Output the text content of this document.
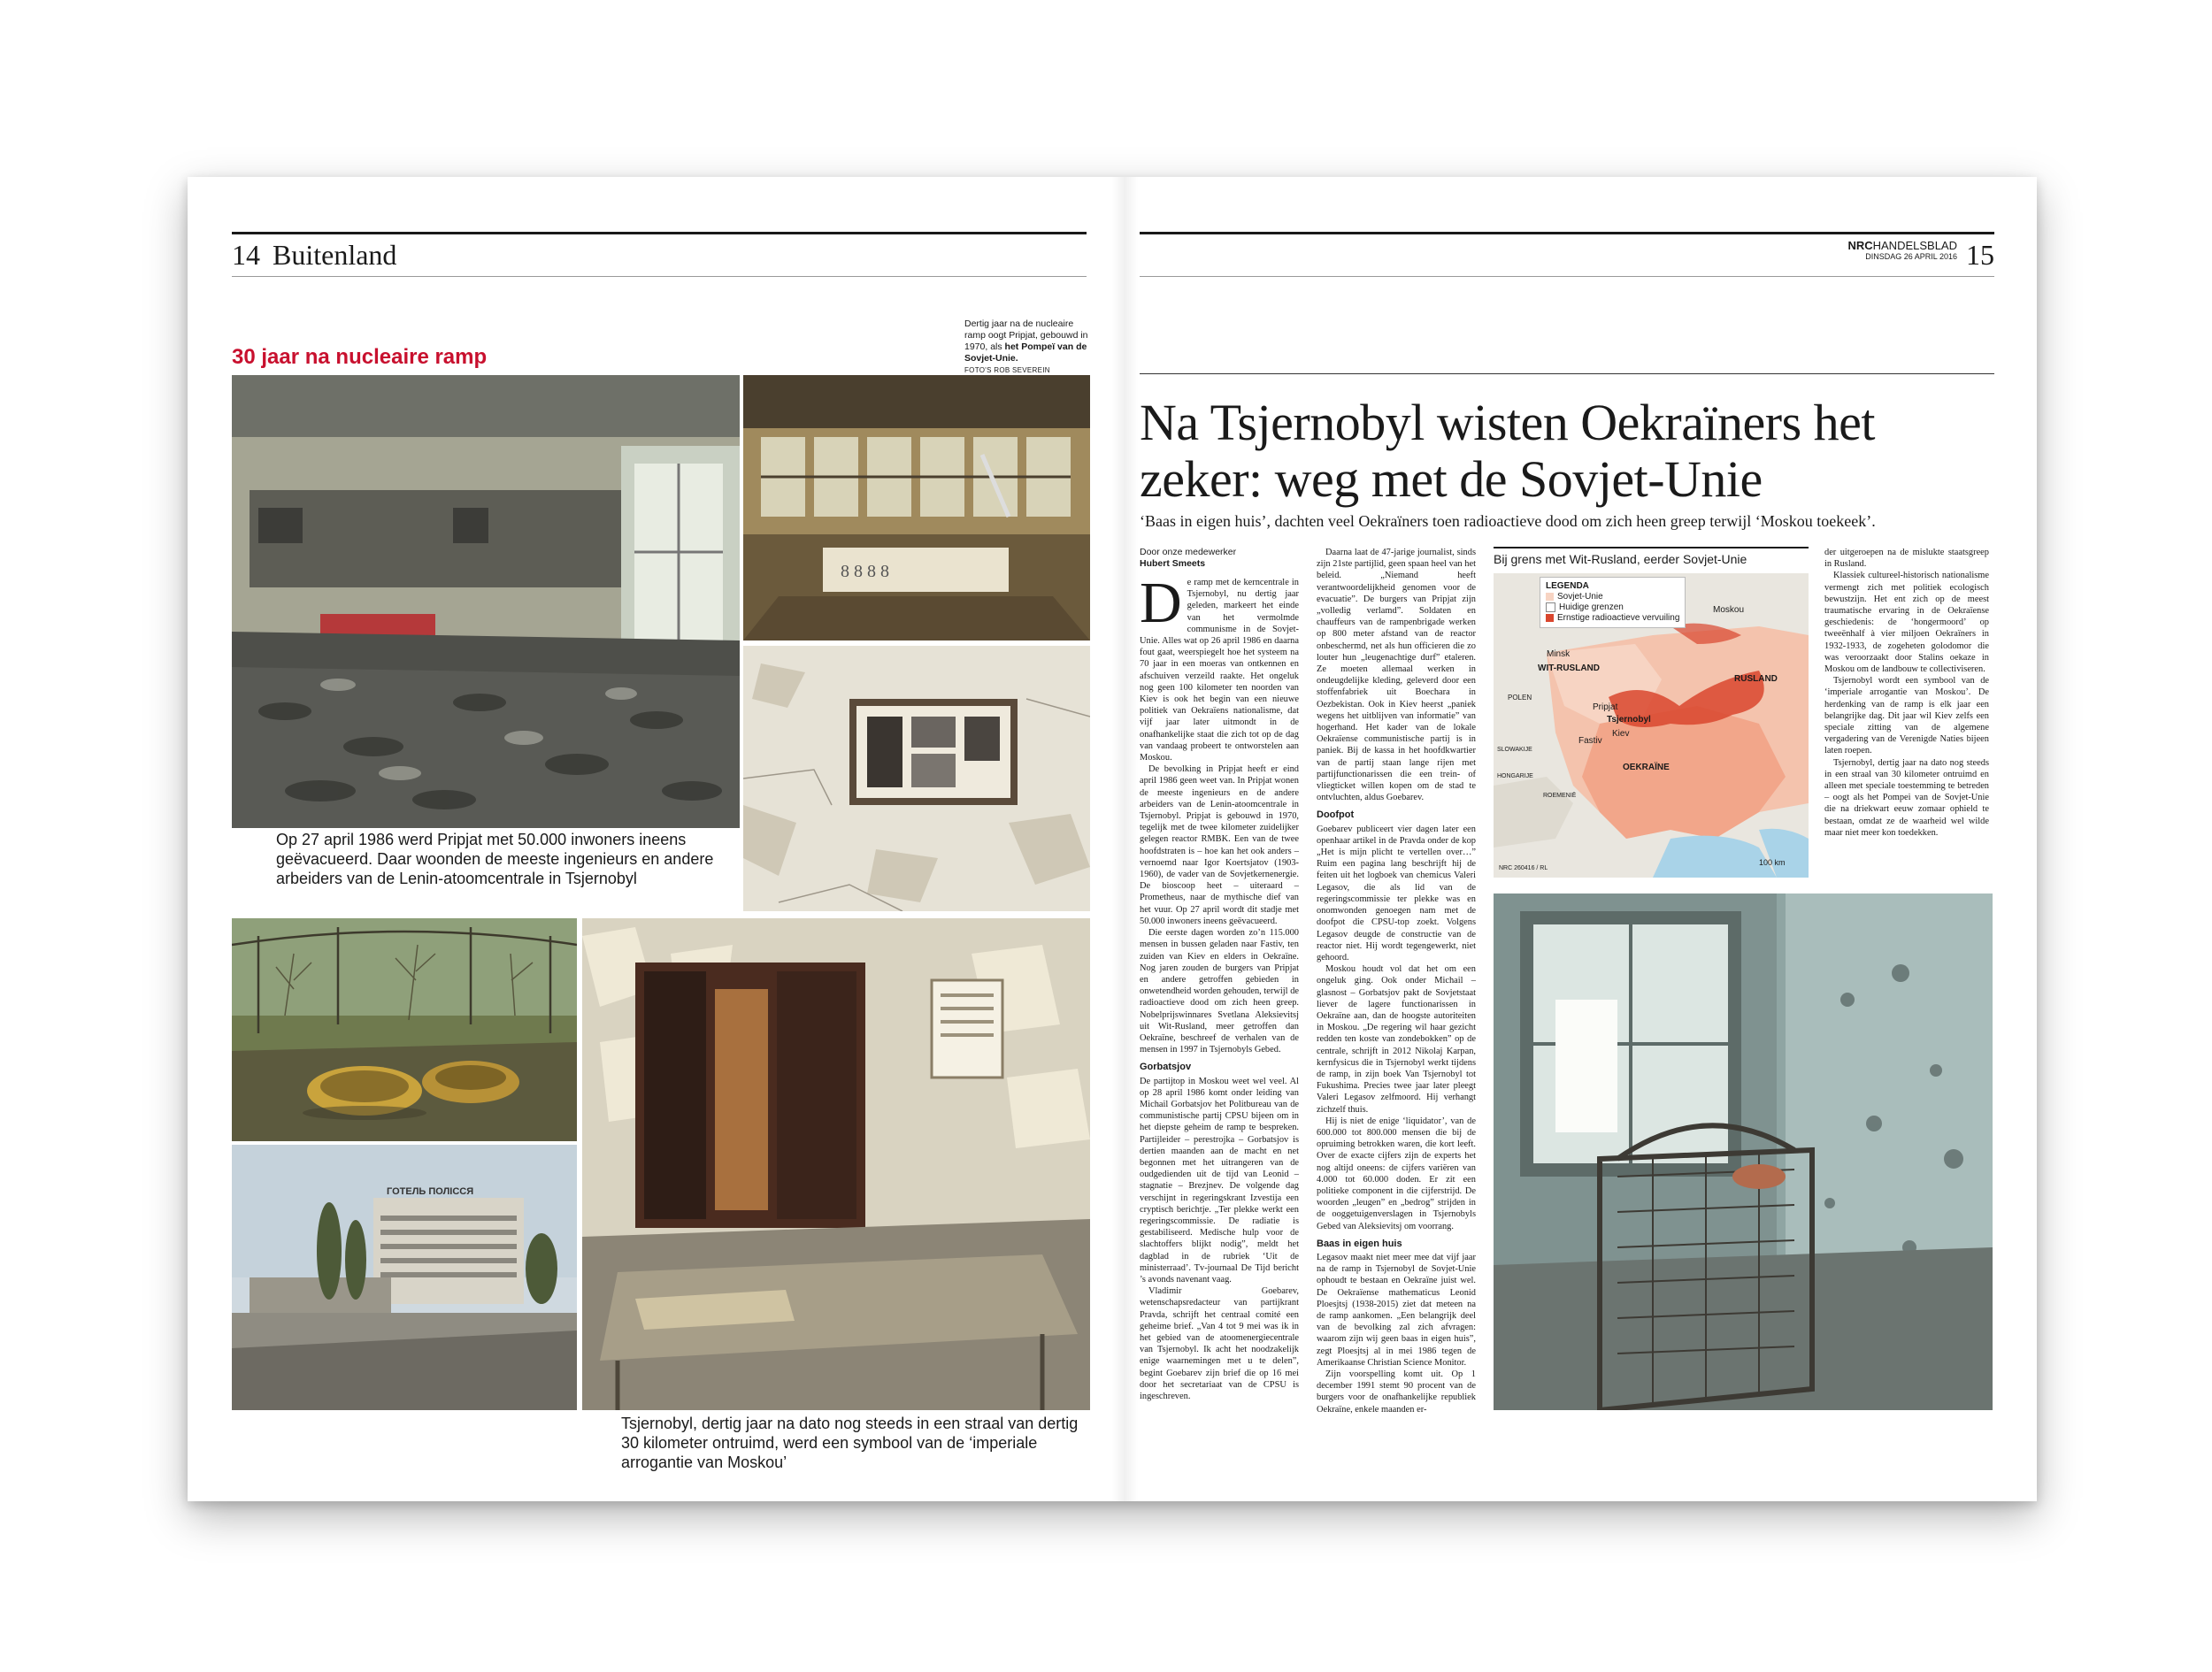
14 Buitenland
30 jaar na nucleaire ramp
Dertig jaar na de nucleaire ramp oogt Pripjat, gebouwd in 1970, als het Pompeï van de Sovjet-Unie.
FOTO'S ROB SEVEREIN
Op 27 april 1986 werd Pripjat met 50.000 inwoners ineens geëvacueerd. Daar woonden de meeste ingenieurs en andere arbeiders van de Lenin-atoomcentrale in Tsjernobyl
8 8 8 8
ГОТЕЛЬ ПОЛІССЯ
Tsjernobyl, dertig jaar na dato nog steeds in een straal van dertig 30 kilometer ontruimd, werd een symbool van de ‘imperiale arrogantie van Moskou’
NRCHANDELSBLAD
DINSDAG 26 APRIL 2016 15
Na Tsjernobyl wisten Oekraïners het zeker: weg met de Sovjet-Unie
‘Baas in eigen huis’, dachten veel Oekraïners toen radioactieve dood om zich heen greep terwijl ‘Moskou toekeek’.
Door onze medewerker
Hubert Smeets

De ramp met de kerncentrale in Tsjernobyl, nu dertig jaar geleden, markeert het einde van het vermolmde communisme in de Sovjet-Unie. Alles wat op 26 april 1986 en daarna fout gaat, weerspiegelt hoe het systeem na 70 jaar in een moeras van ontkennen en afschuiven verzeild raakte. Het ongeluk nog geen 100 kilometer ten noorden van Kiev is ook het begin van een nieuwe politiek van Oekraïens nationalisme, dat vijf jaar later uitmondt in de onafhankelijke staat die zich tot op de dag van vandaag probeert te ontworstelen aan Moskou.

De bevolking in Pripjat heeft er eind april 1986 geen weet van. In Pripjat wonen de meeste ingenieurs en de andere arbeiders van de Lenin-atoomcentrale in Tsjernobyl. Pripjat is gebouwd in 1970, tegelijk met de twee kilometer zuidelijker gelegen reactor RMBK. Een van de twee hoofdstraten is – hoe kan het ook anders – vernoemd naar Igor Koertsjatov (1903-1960), de vader van de Sovjetkernenergie. De bioscoop heet – uiteraard – Prometheus, naar de mythische dief van het vuur. Op 27 april wordt dit stadje met 50.000 inwoners ineens geëvacueerd.

Die eerste dagen worden zo’n 115.000 mensen in bussen geladen naar Fastiv, ten zuiden van Kiev en elders in Oekraïne. Nog jaren zouden de burgers van Pripjat en andere getroffen gebieden in onwetendheid worden gehouden, terwijl de radioactieve dood om zich heen greep. Nobelprijswinnares Svetlana Aleksievitsj uit Wit-Rusland, meer getroffen dan Oekraïne, beschreef de verhalen van de mensen in 1997 in Tsjernobyls Gebed.

Gorbatsjov

De partijtop in Moskou weet wel veel. Al op 28 april 1986 komt onder leiding van Michail Gorbatsjov het Politbureau van de communistische partij CPSU bijeen om in het diepste geheim de ramp te bespreken. Partijleider – perestrojka – Gorbatsjov is dertien maanden aan de macht en net begonnen met het uitrangeren van de oudgedienden uit de tijd van Leonid – stagnatie – Brezjnev. De volgende dag verschijnt in regeringskrant Izvestija een cryptisch berichtje. „Ter plekke werkt een regeringscommissie. De radiatie is gestabiliseerd. Medische hulp voor de slachtoffers blijkt nodig”, meldt het dagblad in de rubriek ‘Uit de ministerraad’. Tv-journaal De Tijd bericht ’s avonds navenant vaag.

Vladimir Goebarev, wetenschapsredacteur van partijkrant Pravda, schrijft het centraal comité een geheime brief. „Van 4 tot 9 mei was ik in het gebied van de atoomenergiecentrale van Tsjernobyl. Ik acht het noodzakelijk enige waarnemingen met u te delen”, begint Goebarev zijn brief die op 16 mei door het secretariaat van de CPSU is ingeschreven.

Daarna laat de 47-jarige journalist, sinds zijn 21ste partijlid, geen spaan heel van het beleid. „Niemand heeft verantwoordelijkheid genomen voor de evacuatie”. De burgers van Pripjat zijn „volledig verlamd”. Soldaten en chauffeurs van de rampenbrigade werken op 800 meter afstand van de reactor onbeschermd, net als hun officieren die zo louter hun „leugenachtige durf” etaleren. Ze moeten allemaal werken in ondeugdelijke kleding, geleverd door een stoffenfabriek uit Boechara in Oezbekistan. Ook in Kiev heerst „paniek wegens het uitblijven van informatie” van hogerhand. Het kader van de lokale Oekraïense communistische partij is in paniek. Bij de kassa in het hoofdkwartier van de partij staan lange rijen met partijfunctionarissen die een trein- of vliegticket willen kopen om de stad te ontvluchten, aldus Goebarev.

Doofpot

Goebarev publiceert vier dagen later een openhaar artikel in de Pravda onder de kop „Het is mijn plicht te vertellen over…” Ruim een pagina lang beschrijft hij de feiten uit het logboek van chemicus Valeri Legasov, die als lid van de regeringscommissie ter plekke was en onomwonden genoegen nam met de doofpot die CPSU-top zoekt. Volgens Legasov deugde de constructie van de reactor niet. Hij wordt tegengewerkt, niet gehoord.

Moskou houdt vol dat het om een ongeluk ging. Ook onder Michail – glasnost – Gorbatsjov pakt de Sovjetstaat liever de lagere functionarissen in Oekraïne aan, dan de hoogste autoriteiten in Moskou. „De regering wil haar gezicht redden ten koste van zondebokken” op de centrale, schrijft in 2012 Nikolaj Karpan, kernfysicus die in Tsjernobyl werkt tijdens de ramp, in zijn boek Van Tsjernobyl tot Fukushima. Precies twee jaar later pleegt Valeri Legasov zelfmoord. Hij verhangt zichzelf thuis.

Hij is niet de enige ‘liquidator’, van de 600.000 tot 800.000 mensen die bij de opruiming betrokken waren, die kort leeft. Over de exacte cijfers zijn de experts het nog altijd oneens: de cijfers variëren van 4.000 tot 60.000 doden. Er zit een politieke component in die cijferstrijd. De woorden „leugen” en „bedrog” strijden in de ooggetuigenverslagen in Tsjernobyls Gebed van Aleksievitsj om voorrang.

Baas in eigen huis

Legasov maakt niet meer mee dat vijf jaar na de ramp in Tsjernobyl de Sovjet-Unie ophoudt te bestaan en Oekraïne juist wel. De Oekraïense mathematicus Leonid Ploesjtsj (1938-2015) ziet dat meteen na de ramp aankomen. „Een belangrijk deel van de bevolking zal zich afvragen: waarom zijn wij geen baas in eigen huis”, zegt Ploesjtsj al in mei 1986 tegen de Amerikaanse Christian Science Monitor.

Zijn voorspelling komt uit. Op 1 december 1991 stemt 90 procent van de burgers voor de onafhankelijke republiek Oekraïne, enkele maanden er-

Bij grens met Wit-Rusland, eerder Sovjet-Unie
LEGENDA
Sovjet-Unie
Huidige grenzen
Ernstige radioactieve vervuiling
Moskou
Minsk
WIT-RUSLAND
RUSLAND
POLEN
Pripjat
Tsjernobyl
Kiev
Fastiv
OEKRAÏNE
SLOWAKIJE
HONGARIJE
ROEMENIË
100 km
NRC 260416 / RL

der uitgeroepen na de mislukte staatsgreep in Rusland.

Klassiek cultureel-historisch nationalisme vermengt zich met politiek ecologisch bewustzijn. Het ent zich op de meest traumatische ervaring in de Oekraïense geschiedenis: de ‘hongermoord’ op tweeënhalf à vier miljoen Oekraïners in 1932-1933, de zogeheten golodomor die was veroorzaakt door Stalins oekaze in Moskou om de landbouw te collectiviseren.

Tsjernobyl wordt een symbool van de ‘imperiale arrogantie van Moskou’. De herdenking van de ramp is elk jaar een belangrijke dag. Dit jaar wil Kiev zelfs een speciale zitting van de algemene vergadering van de Verenigde Naties bijeen laten roepen.

Tsjernobyl, dertig jaar na dato nog steeds in een straal van 30 kilometer ontruimd en alleen met speciale toestemming te betreden – oogt als het Pompei van de Sovjet-Unie die na driekwart eeuw zomaar ophield te bestaan, omdat ze de waarheid wel wilde maar niet meer kon toedekken.
